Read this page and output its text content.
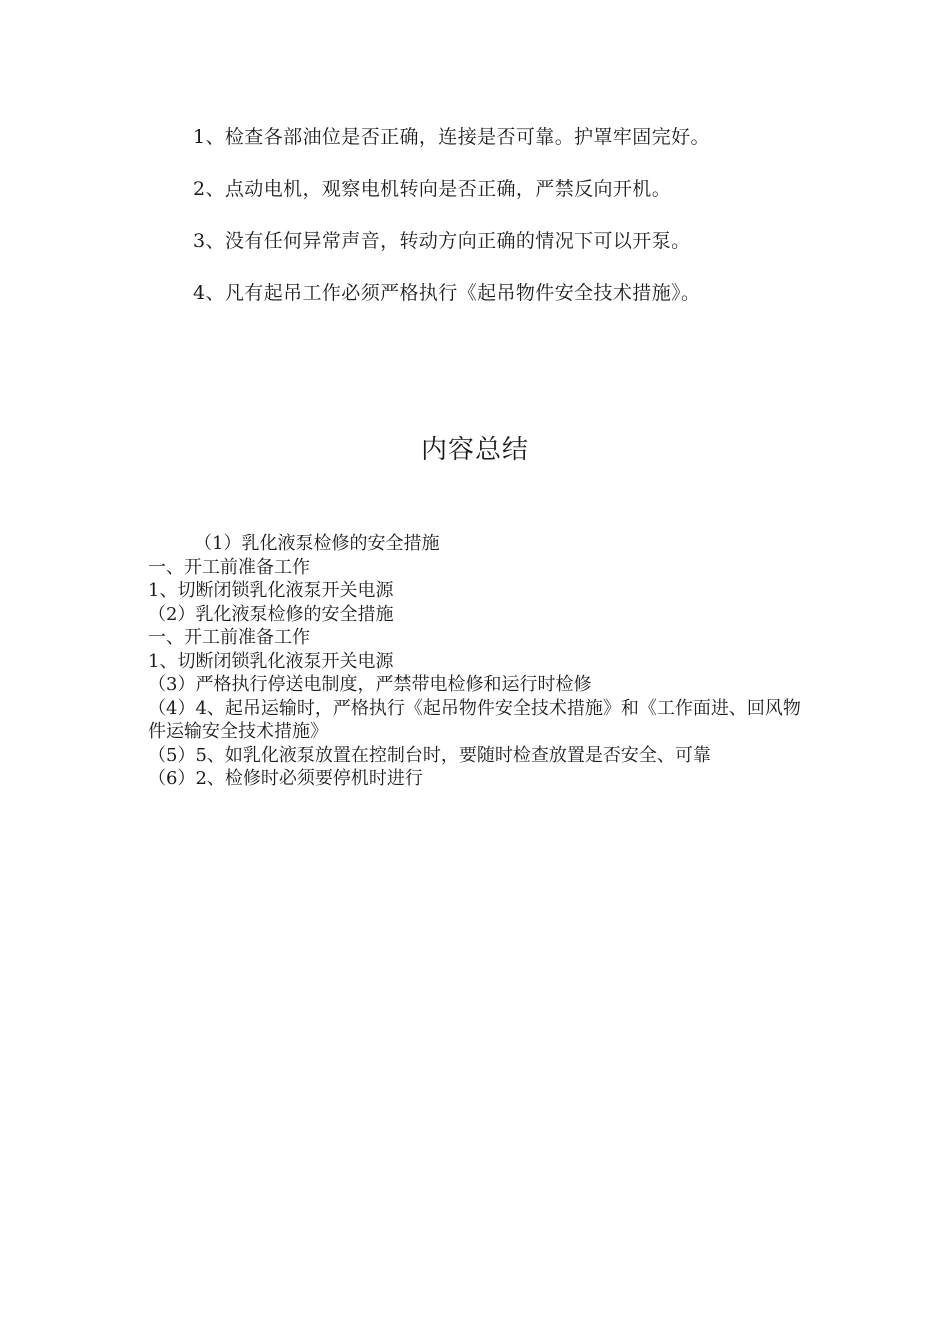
1、检查各部油位是否正确，连接是否可靠。护罩牢固完好。
2、点动电机，观察电机转向是否正确，严禁反向开机。
3、没有任何异常声音，转动方向正确的情况下可以开泵。
4、凡有起吊工作必须严格执行《起吊物件安全技术措施》。
内容总结
（1）乳化液泵检修的安全措施
一、开工前准备工作
1、切断闭锁乳化液泵开关电源
（2）乳化液泵检修的安全措施
一、开工前准备工作
1、切断闭锁乳化液泵开关电源
（3）严格执行停送电制度，严禁带电检修和运行时检修
（4）4、起吊运输时，严格执行《起吊物件安全技术措施》和《工作面进、回风物件运输安全技术措施》
（5）5、如乳化液泵放置在控制台时，要随时检查放置是否安全、可靠
（6）2、检修时必须要停机时进行
